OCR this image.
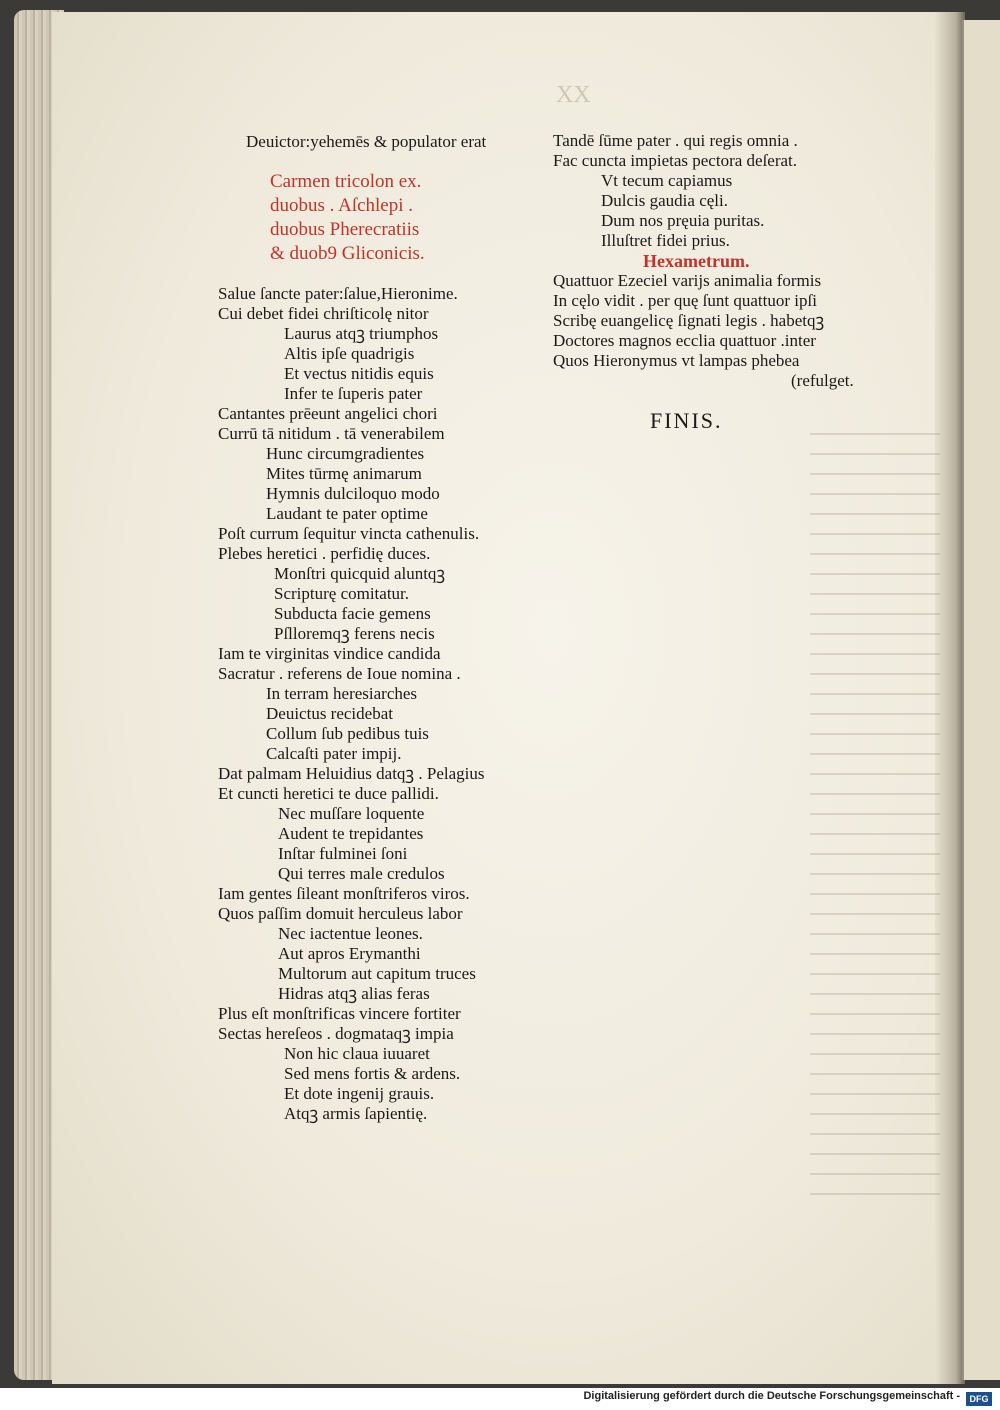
XX
Deuictor:yehemēs & populator erat
Carmen tricolon ex.
duobus . Aſchlepi .
duobus Pherecratiis
& duob9 Gliconicis.
Salue ſancte pater:ſalue,Hieronime.
Cui debet fidei chriſticolę nitor
Laurus atqꝫ triumphos
Altis ipſe quadrigis
Et vectus nitidis equis
Infer te ſuperis pater
Cantantes prēeunt angelici chori
Currū tā nitidum . tā venerabilem
Hunc circumgradientes
Mites tūrmę animarum
Hymnis dulciloquo modo
Laudant te pater optime
Poſt currum ſequitur vincta cathenulis.
Plebes heretici . perfidię duces.
Monſtri quicquid aluntqꝫ
Scripturę comitatur.
Subducta facie gemens
Pſlloremqꝫ ferens necis
Iam te virginitas vindice candida
Sacratur . referens de Ioue nomina .
In terram heresiarches
Deuictus recidebat
Collum ſub pedibus tuis
Calcaſti pater impij.
Dat palmam Heluidius datqꝫ . Pelagius
Et cuncti heretici te duce pallidi.
Nec muſſare loquente
Audent te trepidantes
Inſtar fulminei ſoni
Qui terres male credulos
Iam gentes ſileant monſtriferos viros.
Quos paſſim domuit herculeus labor
Nec iactentue leones.
Aut apros Erymanthi
Multorum aut capitum truces
Hidras atqꝫ alias feras
Plus eſt monſtrificas vincere fortiter
Sectas hereſeos . dogmataqꝫ impia
Non hic claua iuuaret
Sed mens fortis & ardens.
Et dote ingenij grauis.
Atqꝫ armis ſapientię.
Tandē ſūme pater . qui regis omnia .
Fac cuncta impietas pectora deſerat.
Vt tecum capiamus
Dulcis gaudia cęli.
Dum nos pręuia puritas.
Illuſtret fidei prius.
Hexametrum.
Quattuor Ezeciel varijs animalia formis
In cęlo vidit . per quę ſunt quattuor ipſi
Scribę euangelicę ſignati legis . habetqꝫ
Doctores magnos ecclia quattuor .inter
Quos Hieronymus vt lampas phebea
(refulget.
FINIS.
Digitalisierung gefördert durch die Deutsche Forschungsgemeinschaft -	DFG
